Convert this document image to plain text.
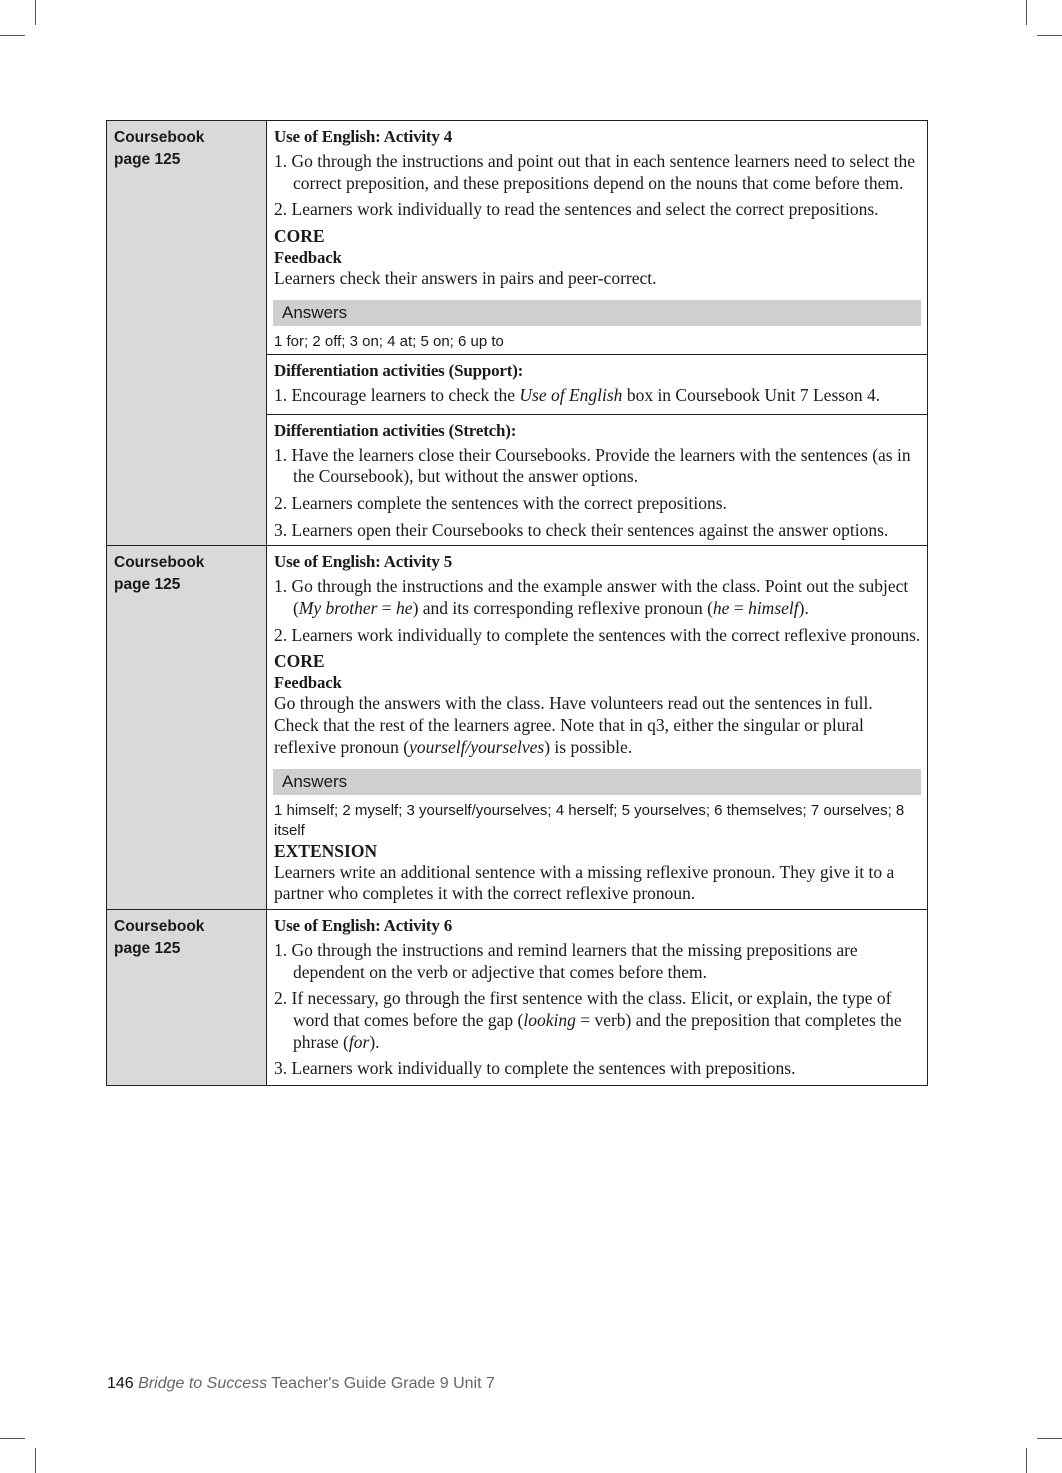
Coursebook
page 125

Use of English: Activity 4
1. Go through the instructions and point out that in each sentence learners need to select the correct preposition, and these prepositions depend on the nouns that come before them.
2. Learners work individually to read the sentences and select the correct prepositions.
CORE
Feedback
Learners check their answers in pairs and peer-correct.
Answers
1 for; 2 off; 3 on; 4 at; 5 on; 6 up to
Differentiation activities (Support):
1. Encourage learners to check the Use of English box in Coursebook Unit 7 Lesson 4.
Differentiation activities (Stretch):
1. Have the learners close their Coursebooks. Provide the learners with the sentences (as in the Coursebook), but without the answer options.
2. Learners complete the sentences with the correct prepositions.
3. Learners open their Coursebooks to check their sentences against the answer options.

Coursebook
page 125

Use of English: Activity 5
1. Go through the instructions and the example answer with the class. Point out the subject (My brother = he) and its corresponding reflexive pronoun (he = himself).
2. Learners work individually to complete the sentences with the correct reflexive pronouns.
CORE
Feedback
Go through the answers with the class. Have volunteers read out the sentences in full. Check that the rest of the learners agree. Note that in q3, either the singular or plural reflexive pronoun (yourself/yourselves) is possible.
Answers
1 himself; 2 myself; 3 yourself/yourselves; 4 herself; 5 yourselves; 6 themselves; 7 ourselves; 8 itself
EXTENSION
Learners write an additional sentence with a missing reflexive pronoun. They give it to a partner who completes it with the correct reflexive pronoun.

Coursebook
page 125

Use of English: Activity 6
1. Go through the instructions and remind learners that the missing prepositions are dependent on the verb or adjective that comes before them.
2. If necessary, go through the first sentence with the class. Elicit, or explain, the type of word that comes before the gap (looking = verb) and the preposition that completes the phrase (for).
3. Learners work individually to complete the sentences with prepositions.
146 Bridge to Success Teacher's Guide Grade 9 Unit 7
